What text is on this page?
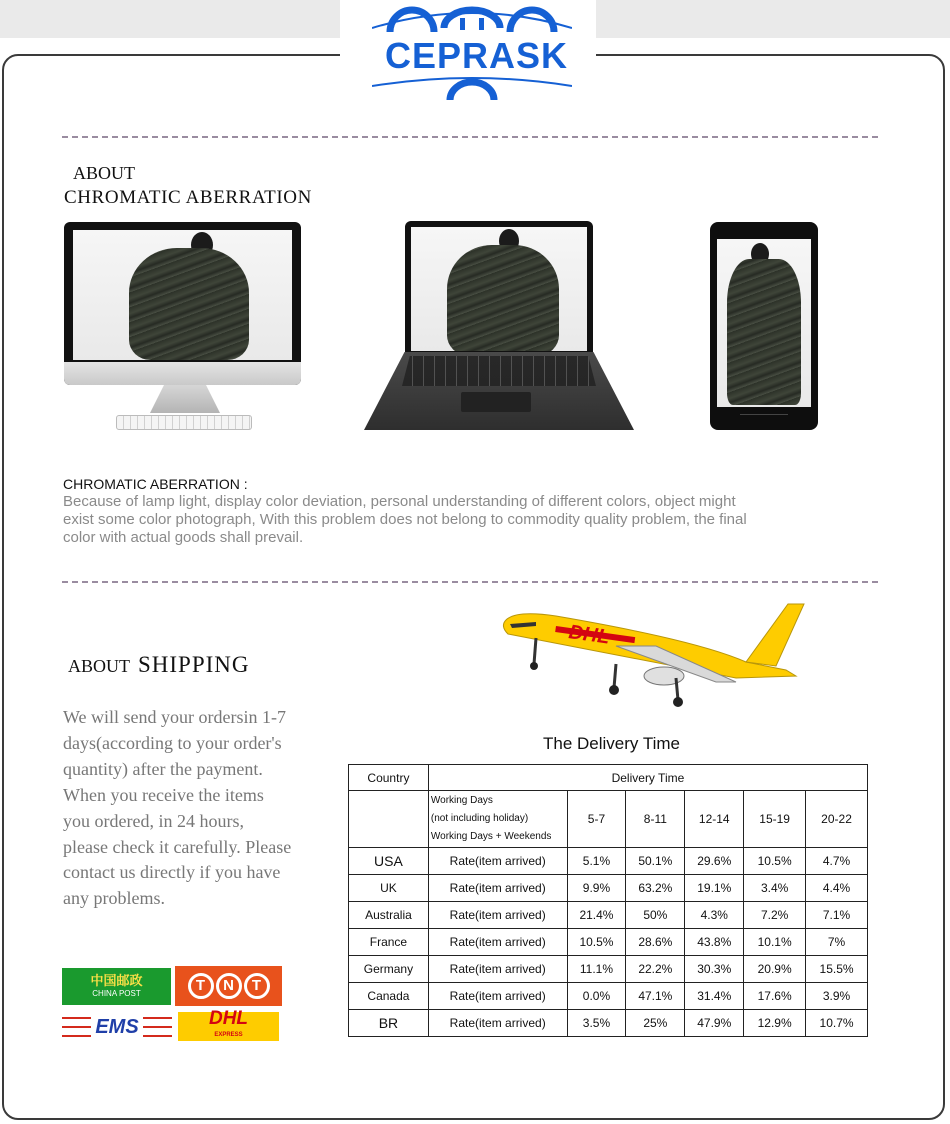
CEPRASK
ABOUT
CHROMATIC ABERRATION
CHROMATIC ABERRATION :
Because of lamp light, display color deviation, personal understanding of different colors, object might exist some color photograph, With this problem does not belong to commodity quality problem, the final color with actual goods shall prevail.
ABOUT SHIPPING
We will send your ordersin 1-7 days(according to your order's quantity) after the payment. When you receive the items you ordered, in 24 hours, please check it carefully. Please contact us directly if you have any problems.
中国邮政
CHINA POST	T	N	T
EMS	DHL
EXPRESS
DHL
The Delivery Time
Country	Delivery Time					

	Working Days
(not including holiday)
Working Days + Weekends	5-7	8-11	12-14	15-19	20-22
USA	Rate(item arrived)	5.1%	50.1%	29.6%	10.5%	4.7%
UK	Rate(item arrived)	9.9%	63.2%	19.1%	3.4%	4.4%
Australia	Rate(item arrived)	21.4%	50%	4.3%	7.2%	7.1%
France	Rate(item arrived)	10.5%	28.6%	43.8%	10.1%	7%
Germany	Rate(item arrived)	11.1%	22.2%	30.3%	20.9%	15.5%
Canada	Rate(item arrived)	0.0%	47.1%	31.4%	17.6%	3.9%
BR	Rate(item arrived)	3.5%	25%	47.9%	12.9%	10.7%
